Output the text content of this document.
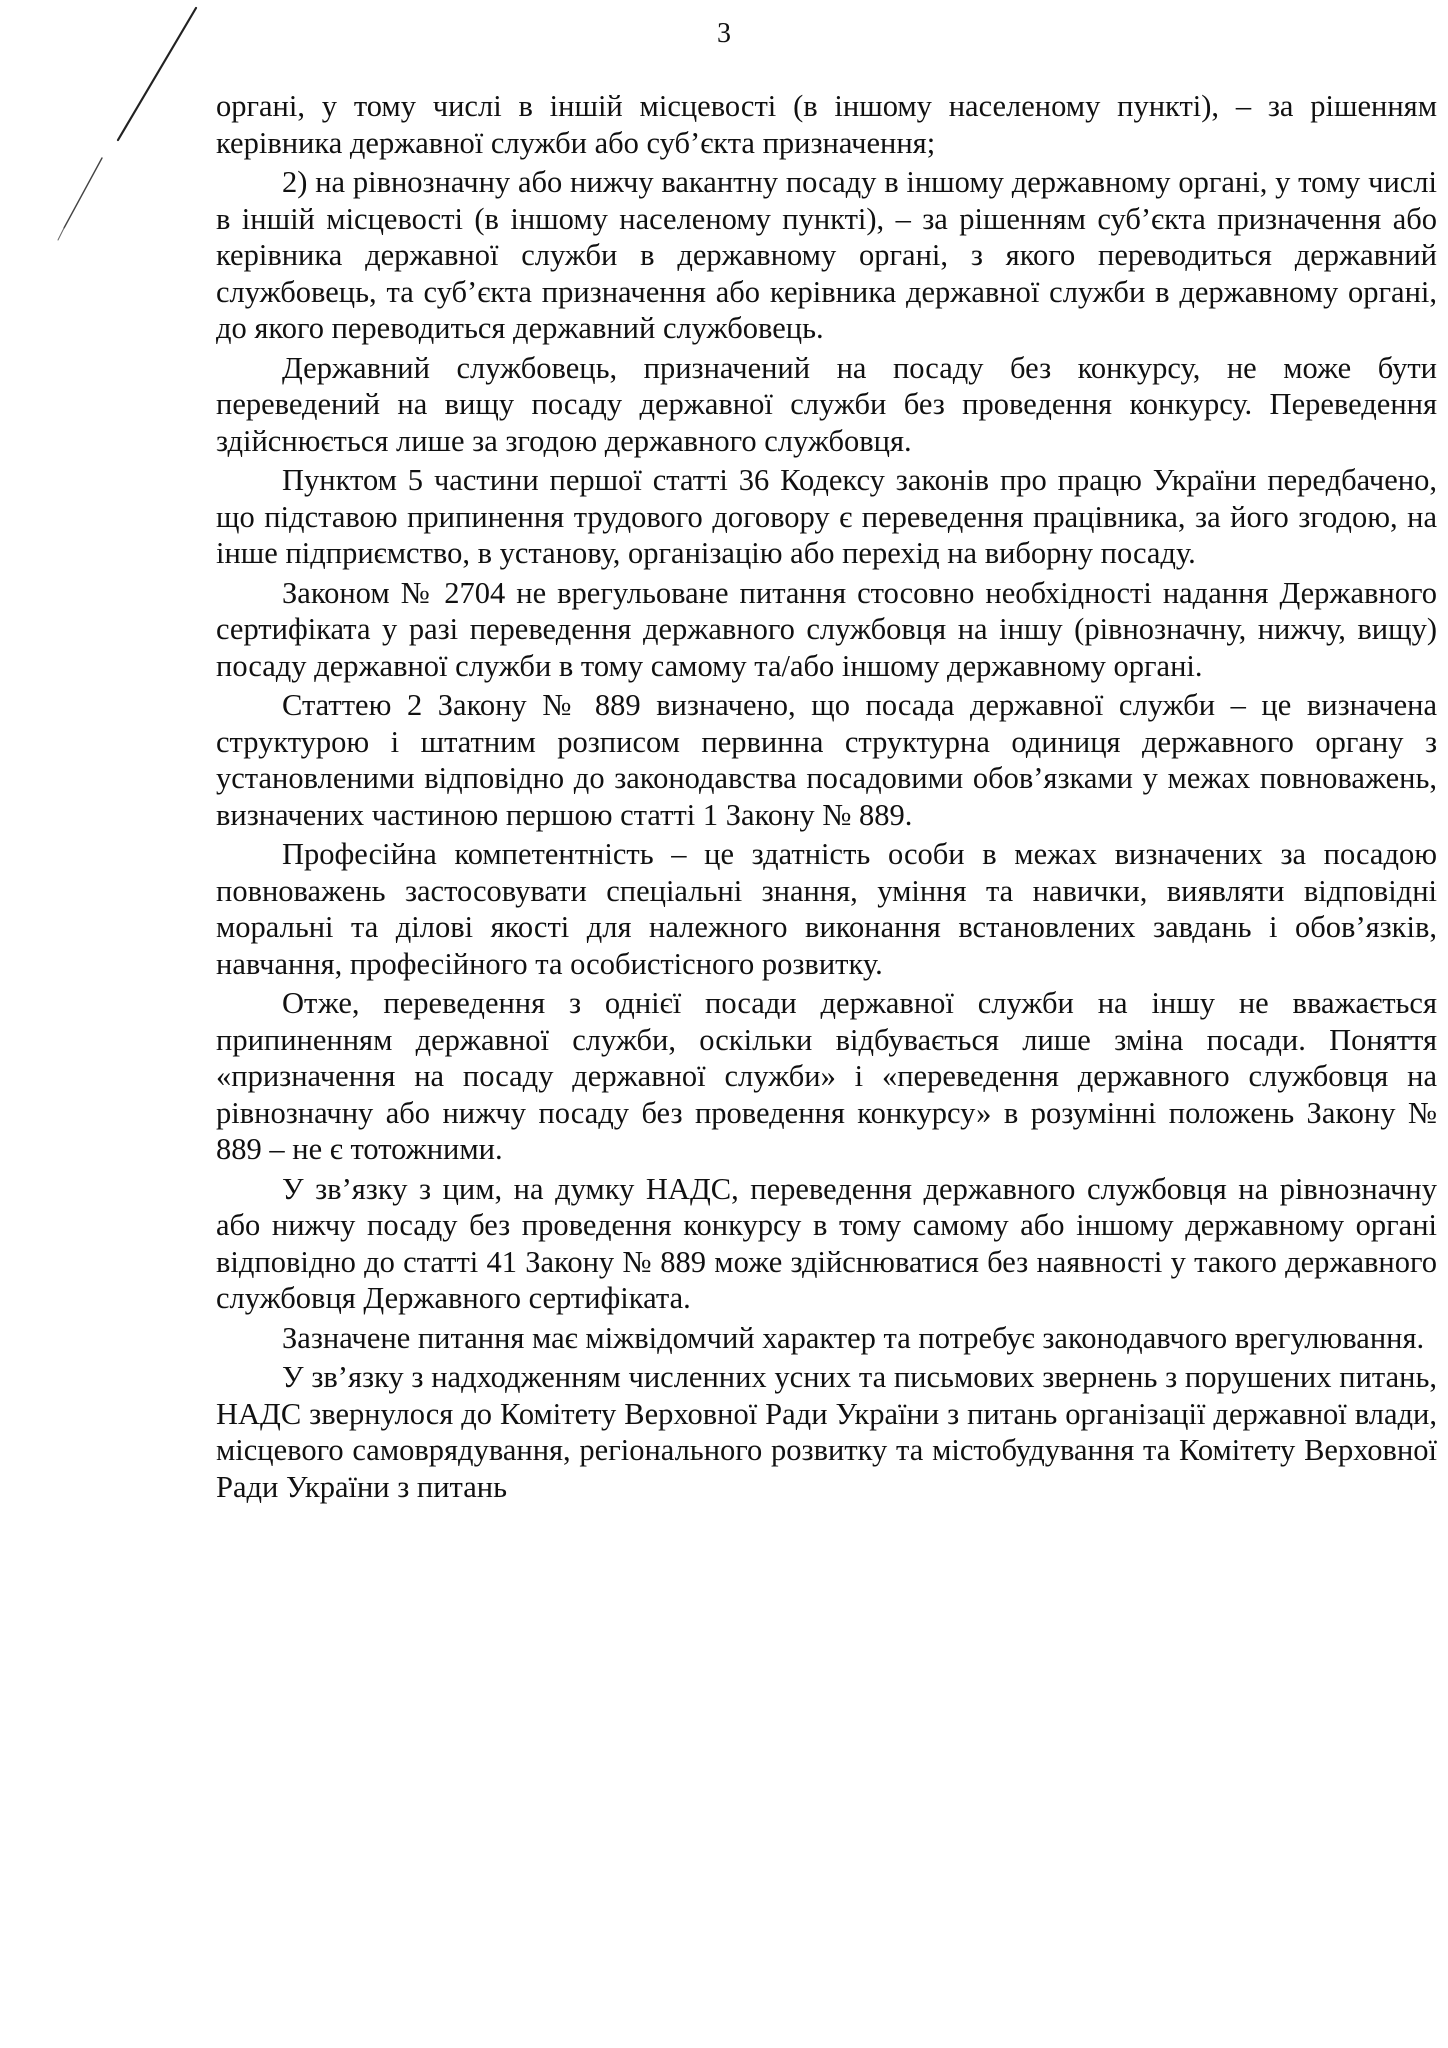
3

органі, у тому числі в іншій місцевості (в іншому населеному пункті), – за рішенням керівника державної служби або суб’єкта призначення;

2) на рівнозначну або нижчу вакантну посаду в іншому державному органі, у тому числі в іншій місцевості (в іншому населеному пункті), – за рішенням суб’єкта призначення або керівника державної служби в державному органі, з якого переводиться державний службовець, та суб’єкта призначення або керівника державної служби в державному органі, до якого переводиться державний службовець.

Державний службовець, призначений на посаду без конкурсу, не може бути переведений на вищу посаду державної служби без проведення конкурсу. Переведення здійснюється лише за згодою державного службовця.

Пунктом 5 частини першої статті 36 Кодексу законів про працю України передбачено, що підставою припинення трудового договору є переведення працівника, за його згодою, на інше підприємство, в установу, організацію або перехід на виборну посаду.

Законом № 2704 не врегульоване питання стосовно необхідності надання Державного сертифіката у разі переведення державного службовця на іншу (рівнозначну, нижчу, вищу) посаду державної служби в тому самому та/або іншому державному органі.

Статтею 2 Закону № 889 визначено, що посада державної служби – це визначена структурою і штатним розписом первинна структурна одиниця державного органу з установленими відповідно до законодавства посадовими обов’язками у межах повноважень, визначених частиною першою статті 1 Закону № 889.

Професійна компетентність – це здатність особи в межах визначених за посадою повноважень застосовувати спеціальні знання, уміння та навички, виявляти відповідні моральні та ділові якості для належного виконання встановлених завдань і обов’язків, навчання, професійного та особистісного розвитку.

Отже, переведення з однієї посади державної служби на іншу не вважається припиненням державної служби, оскільки відбувається лише зміна посади. Поняття «призначення на посаду державної служби» і «переведення державного службовця на рівнозначну або нижчу посаду без проведення конкурсу» в розумінні положень Закону № 889 – не є тотожними.

У зв’язку з цим, на думку НАДС, переведення державного службовця на рівнозначну або нижчу посаду без проведення конкурсу в тому самому або іншому державному органі відповідно до статті 41 Закону № 889 може здійснюватися без наявності у такого державного службовця Державного сертифіката.

Зазначене питання має міжвідомчий характер та потребує законодавчого врегулювання.

У зв’язку з надходженням численних усних та письмових звернень з порушених питань, НАДС звернулося до Комітету Верховної Ради України з питань організації державної влади, місцевого самоврядування, регіонального розвитку та містобудування та Комітету Верховної Ради України з питань
